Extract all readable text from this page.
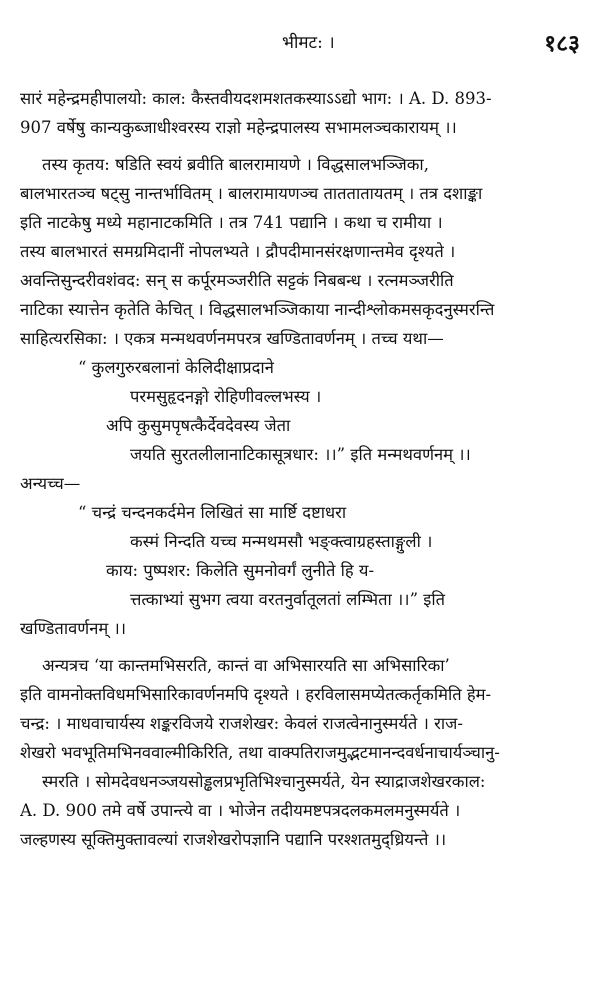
भीमट: ।	१८३
सारं महेन्द्रमहीपालयो: काल: कैस्तवीयदशमशतकस्याऽऽद्यो भाग: । A. D. 893-
907 वर्षेषु कान्यकुब्जाधीश्वरस्य राज्ञो महेन्द्रपालस्य सभामलञ्चकारायम् ।।
तस्य कृतय: षडिति स्वयं ब्रवीति बालरामायणे । विद्धसालभञ्जिका,
बालभारतञ्च षट्सु नान्तर्भावितम् । बालरामायणञ्च ताततातायतम् । तत्र दशाङ्का
इति नाटकेषु मध्ये महानाटकमिति । तत्र 741 पद्यानि । कथा च रामीया ।
तस्य बालभारतं समग्रमिदानीं नोपलभ्यते । द्रौपदीमानसंरक्षणान्तमेव दृश्यते ।
अवन्तिसुन्दरीवशंवद: सन् स कर्पूरमञ्जरीति सट्टकं निबबन्ध । रत्नमञ्जरीति
नाटिका स्यात्तेन कृतेति केचित् । विद्धसालभञ्जिकाया नान्दीश्लोकमसकृदनुस्मरन्ति
साहित्यरसिका: । एकत्र मन्मथवर्णनमपरत्र खण्डितावर्णनम् । तच्च यथा—
“ कुलगुरुरबलानां केलिदीक्षाप्रदाने
परमसुहृदनङ्गो रोहिणीवल्लभस्य ।
अपि कुसुमपृषत्कैर्देवदेवस्य जेता
जयति सुरतलीलानाटिकासूत्रधार: ।।” इति मन्मथवर्णनम् ।।
अन्यच्च—
“ चन्द्रं चन्दनकर्दमेन लिखितं सा मार्ष्टि दष्टाधरा
कस्मं निन्दति यच्च मन्मथमसौ भङ्क्त्वाग्रहस्ताङ्गुली ।
काय: पुष्पशर: किलेति सुमनोवर्गं लुनीते हि य-
त्तत्काभ्यां सुभग त्वया वरतनुर्वातूलतां लम्भिता ।।” इति
खण्डितावर्णनम् ।।
अन्यत्रच ‘या कान्तमभिसरति, कान्तं वा अभिसारयति सा अभिसारिका’
इति वामनोक्तविधमभिसारिकावर्णनमपि दृश्यते । हरविलासमप्येतत्कर्तृकमिति हेम-
चन्द्र: । माधवाचार्यस्य शङ्करविजये राजशेखर: केवलं राजत्वेनानुस्मर्यते । राज-
शेखरो भवभूतिमभिनववाल्मीकिरिति, तथा वाक्पतिराजमुद्भटमानन्दवर्धनाचार्यञ्चानु-
स्मरति । सोमदेवधनञ्जयसोड्ढलप्रभृतिभिश्चानुस्मर्यते, येन स्याद्राजशेखरकाल:
A. D. 900 तमे वर्षे उपान्त्ये वा । भोजेन तदीयमष्टपत्रदलकमलमनुस्मर्यते ।
जल्हणस्य सूक्तिमुक्तावल्यां राजशेखरोपज्ञानि पद्यानि परश्शतमुद्ध्रियन्ते ।।
